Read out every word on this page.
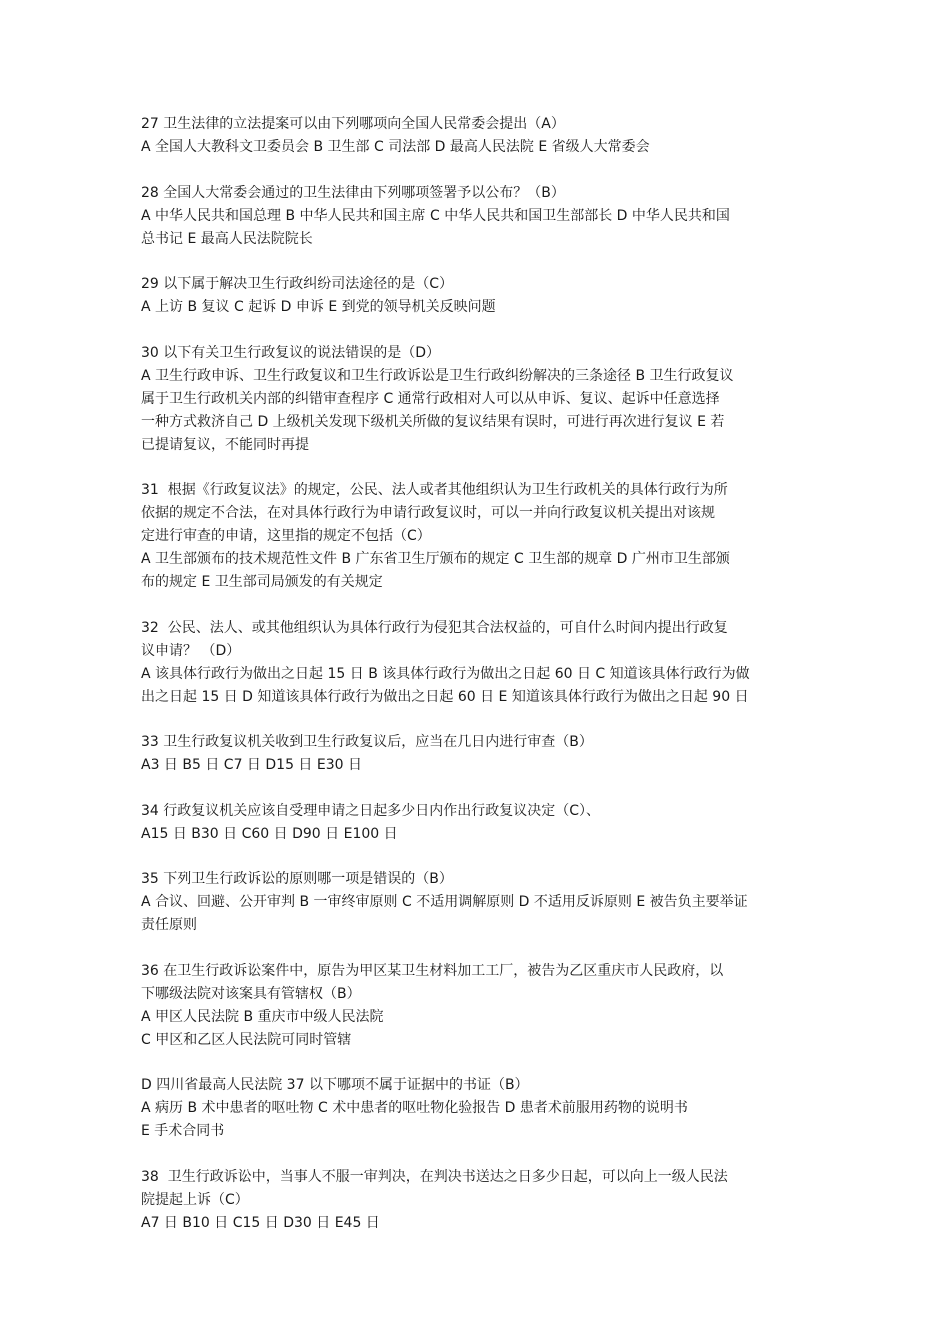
27 卫生法律的立法提案可以由下列哪项向全国人民常委会提出（A）

A 全国人大教科文卫委员会 B 卫生部 C 司法部 D 最高人民法院 E 省级人大常委会

28 全国人大常委会通过的卫生法律由下列哪项签署予以公布？（B）

A 中华人民共和国总理 B 中华人民共和国主席 C 中华人民共和国卫生部部长 D 中华人民共和国

总书记 E 最高人民法院院长

29 以下属于解决卫生行政纠纷司法途径的是（C）

A 上访 B 复议 C 起诉 D 申诉 E 到党的领导机关反映问题

30 以下有关卫生行政复议的说法错误的是（D）

A 卫生行政申诉、卫生行政复议和卫生行政诉讼是卫生行政纠纷解决的三条途径 B 卫生行政复议

属于卫生行政机关内部的纠错审查程序 C 通常行政相对人可以从申诉、复议、起诉中任意选择

一种方式救济自己 D 上级机关发现下级机关所做的复议结果有误时，可进行再次进行复议 E 若

已提请复议，不能同时再提

31  根据《行政复议法》的规定，公民、法人或者其他组织认为卫生行政机关的具体行政行为所

依据的规定不合法，在对具体行政行为申请行政复议时，可以一并向行政复议机关提出对该规

定进行审查的申请，这里指的规定不包括（C）

A 卫生部颁布的技术规范性文件 B 广东省卫生厅颁布的规定 C 卫生部的规章 D 广州市卫生部颁

布的规定 E 卫生部司局颁发的有关规定

32  公民、法人、或其他组织认为具体行政行为侵犯其合法权益的，可自什么时间内提出行政复

议申请？ （D）

A 该具体行政行为做出之日起 15 日 B 该具体行政行为做出之日起 60 日 C 知道该具体行政行为做

出之日起 15 日 D 知道该具体行政行为做出之日起 60 日 E 知道该具体行政行为做出之日起 90 日

33 卫生行政复议机关收到卫生行政复议后，应当在几日内进行审查（B）

A3 日 B5 日 C7 日 D15 日 E30 日

34 行政复议机关应该自受理申请之日起多少日内作出行政复议决定（C）、

A15 日 B30 日 C60 日 D90 日 E100 日

35 下列卫生行政诉讼的原则哪一项是错误的（B）

A 合议、回避、公开审判 B 一审终审原则 C 不适用调解原则 D 不适用反诉原则 E 被告负主要举证

责任原则

36 在卫生行政诉讼案件中，原告为甲区某卫生材料加工工厂，被告为乙区重庆市人民政府，以

下哪级法院对该案具有管辖权（B）

A 甲区人民法院 B 重庆市中级人民法院

C 甲区和乙区人民法院可同时管辖

D 四川省最高人民法院 37 以下哪项不属于证据中的书证（B）

A 病历 B 术中患者的呕吐物 C 术中患者的呕吐物化验报告 D 患者术前服用药物的说明书

E 手术合同书

38  卫生行政诉讼中，当事人不服一审判决，在判决书送达之日多少日起，可以向上一级人民法

院提起上诉（C）

A7 日 B10 日 C15 日 D30 日 E45 日
